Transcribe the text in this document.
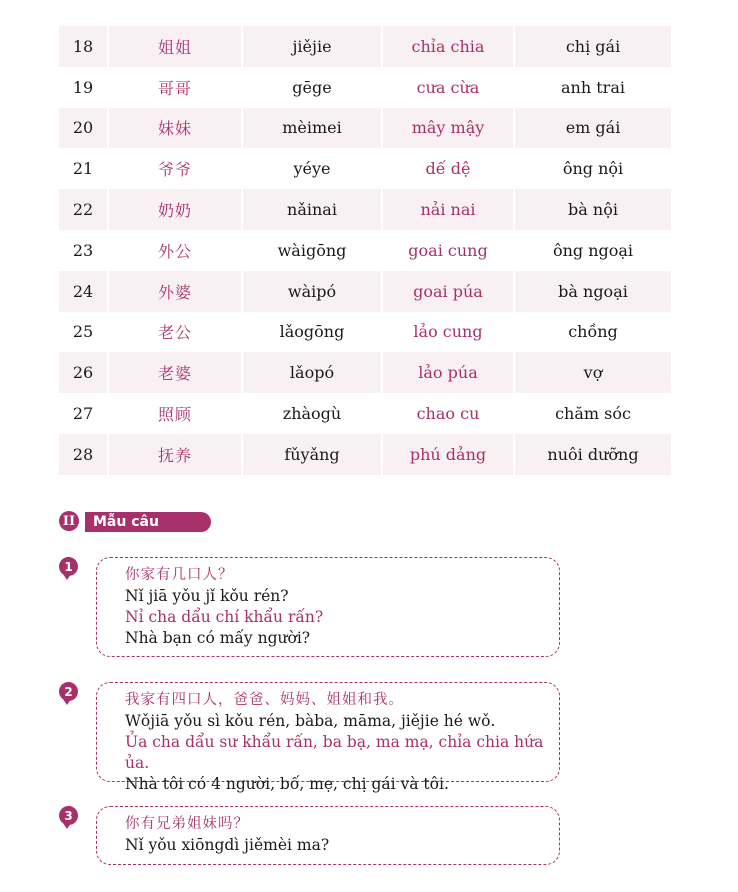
18	姐姐	jiějie	chỉa chia	chị gái
19	哥哥	gēge	cưa cừa	anh trai
20	妹妹	mèimei	mây mậy	em gái
21	爷爷	yéye	dế dệ	ông nội
22	奶奶	nǎinai	nải nai	bà nội
23	外公	wàigōng	goai cung	ông ngoại
24	外婆	wàipó	goai púa	bà ngoại
25	老公	lǎogōng	lảo cung	chồng
26	老婆	lǎopó	lảo púa	vợ
27	照顾	zhàogù	chao cu	chăm sóc
28	抚养	fǔyǎng	phú dảng	nuôi dưỡng
II	Mẫu câu
1
你家有几口人？
Nǐ jiā yǒu jǐ kǒu rén?
Nỉ cha dẩu chí khẩu rấn?
Nhà bạn có mấy người?
2
我家有四口人，爸爸、妈妈、姐姐和我。
Wǒjiā yǒu sì kǒu rén, bàba, māma, jiějie hé wǒ.
Ủa cha dẩu sư khẩu rấn, ba bạ, ma mạ, chỉa chia hứa ủa.
Nhà tôi có 4 người, bố, mẹ, chị gái và tôi.
3
你有兄弟姐妹吗？
Nǐ yǒu xiōngdì jiěmèi ma?
